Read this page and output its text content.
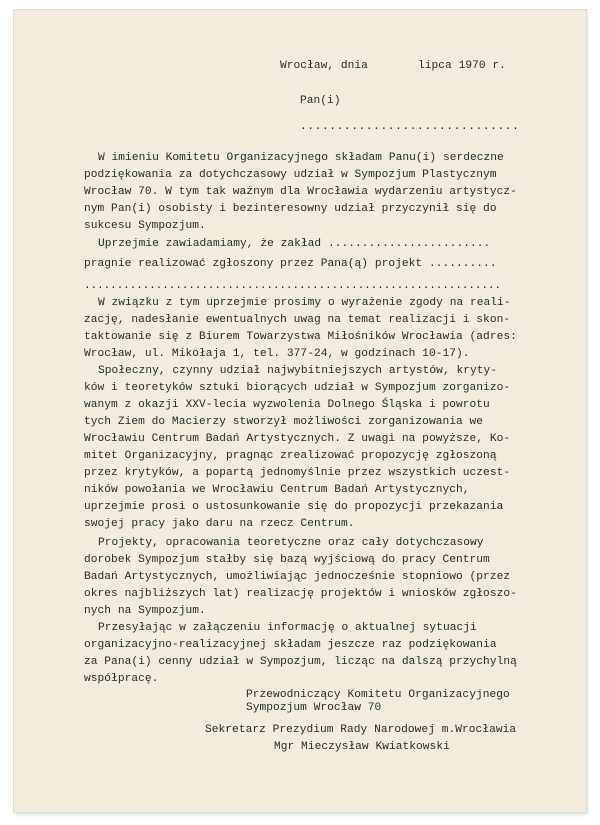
Wrocław, dnia	lipca 1970 r.
Pan(i)
..............................
W imieniu Komitetu Organizacyjnego składam Panu(i) serdeczne
podziękowania za dotychczasowy udział w Sympozjum Plastycznym
Wrocław 70. W tym tak ważnym dla Wrocławia wydarzeniu artystycz-
nym Pan(i) osobisty i bezinteresowny udział przyczynił się do
sukcesu Sympozjum.
Uprzejmie zawiadamiamy, że zakład ........................
pragnie realizować zgłoszony przez Pana(ą) projekt ..........
................................................................
W związku z tym uprzejmie prosimy o wyrażenie zgody na reali-
zację, nadesłanie ewentualnych uwag na temat realizacji i skon-
taktowanie się z Biurem Towarzystwa Miłośników Wrocławia (adres:
Wrocław, ul. Mikołaja 1, tel. 377-24, w godzinach 10-17).
Społeczny, czynny udział najwybitniejszych artystów, kryty-
ków i teoretyków sztuki biorących udział w Sympozjum zorganizo-
wanym z okazji XXV-lecia wyzwolenia Dolnego Śląska i powrotu
tych Ziem do Macierzy stworzył możliwości zorganizowania we
Wrocławiu Centrum Badań Artystycznych. Z uwagi na powyższe, Ko-
mitet Organizacyjny, pragnąc zrealizować propozycję zgłoszoną
przez krytyków, a popartą jednomyślnie przez wszystkich uczest-
ników powołania we Wrocławiu Centrum Badań Artystycznych,
uprzejmie prosi o ustosunkowanie się do propozycji przekazania
swojej pracy jako daru na rzecz Centrum.
Projekty, opracowania teoretyczne oraz cały dotychczasowy
dorobek Sympozjum stałby się bazą wyjściową do pracy Centrum
Badań Artystycznych, umożliwiając jednocześnie stopniowo (przez
okres najbliższych lat) realizację projektów i wniosków zgłoszo-
nych na Sympozjum.
Przesyłając w załączeniu informację o aktualnej sytuacji
organizacyjno-realizacyjnej składam jeszcze raz podziękowania
za Pana(i) cenny udział w Sympozjum, licząc na dalszą przychylną
współpracę.
Przewodniczący Komitetu Organizacyjnego
Sympozjum Wrocław 70
Sekretarz Prezydium Rady Narodowej m.Wrocławia
Mgr Mieczysław Kwiatkowski
